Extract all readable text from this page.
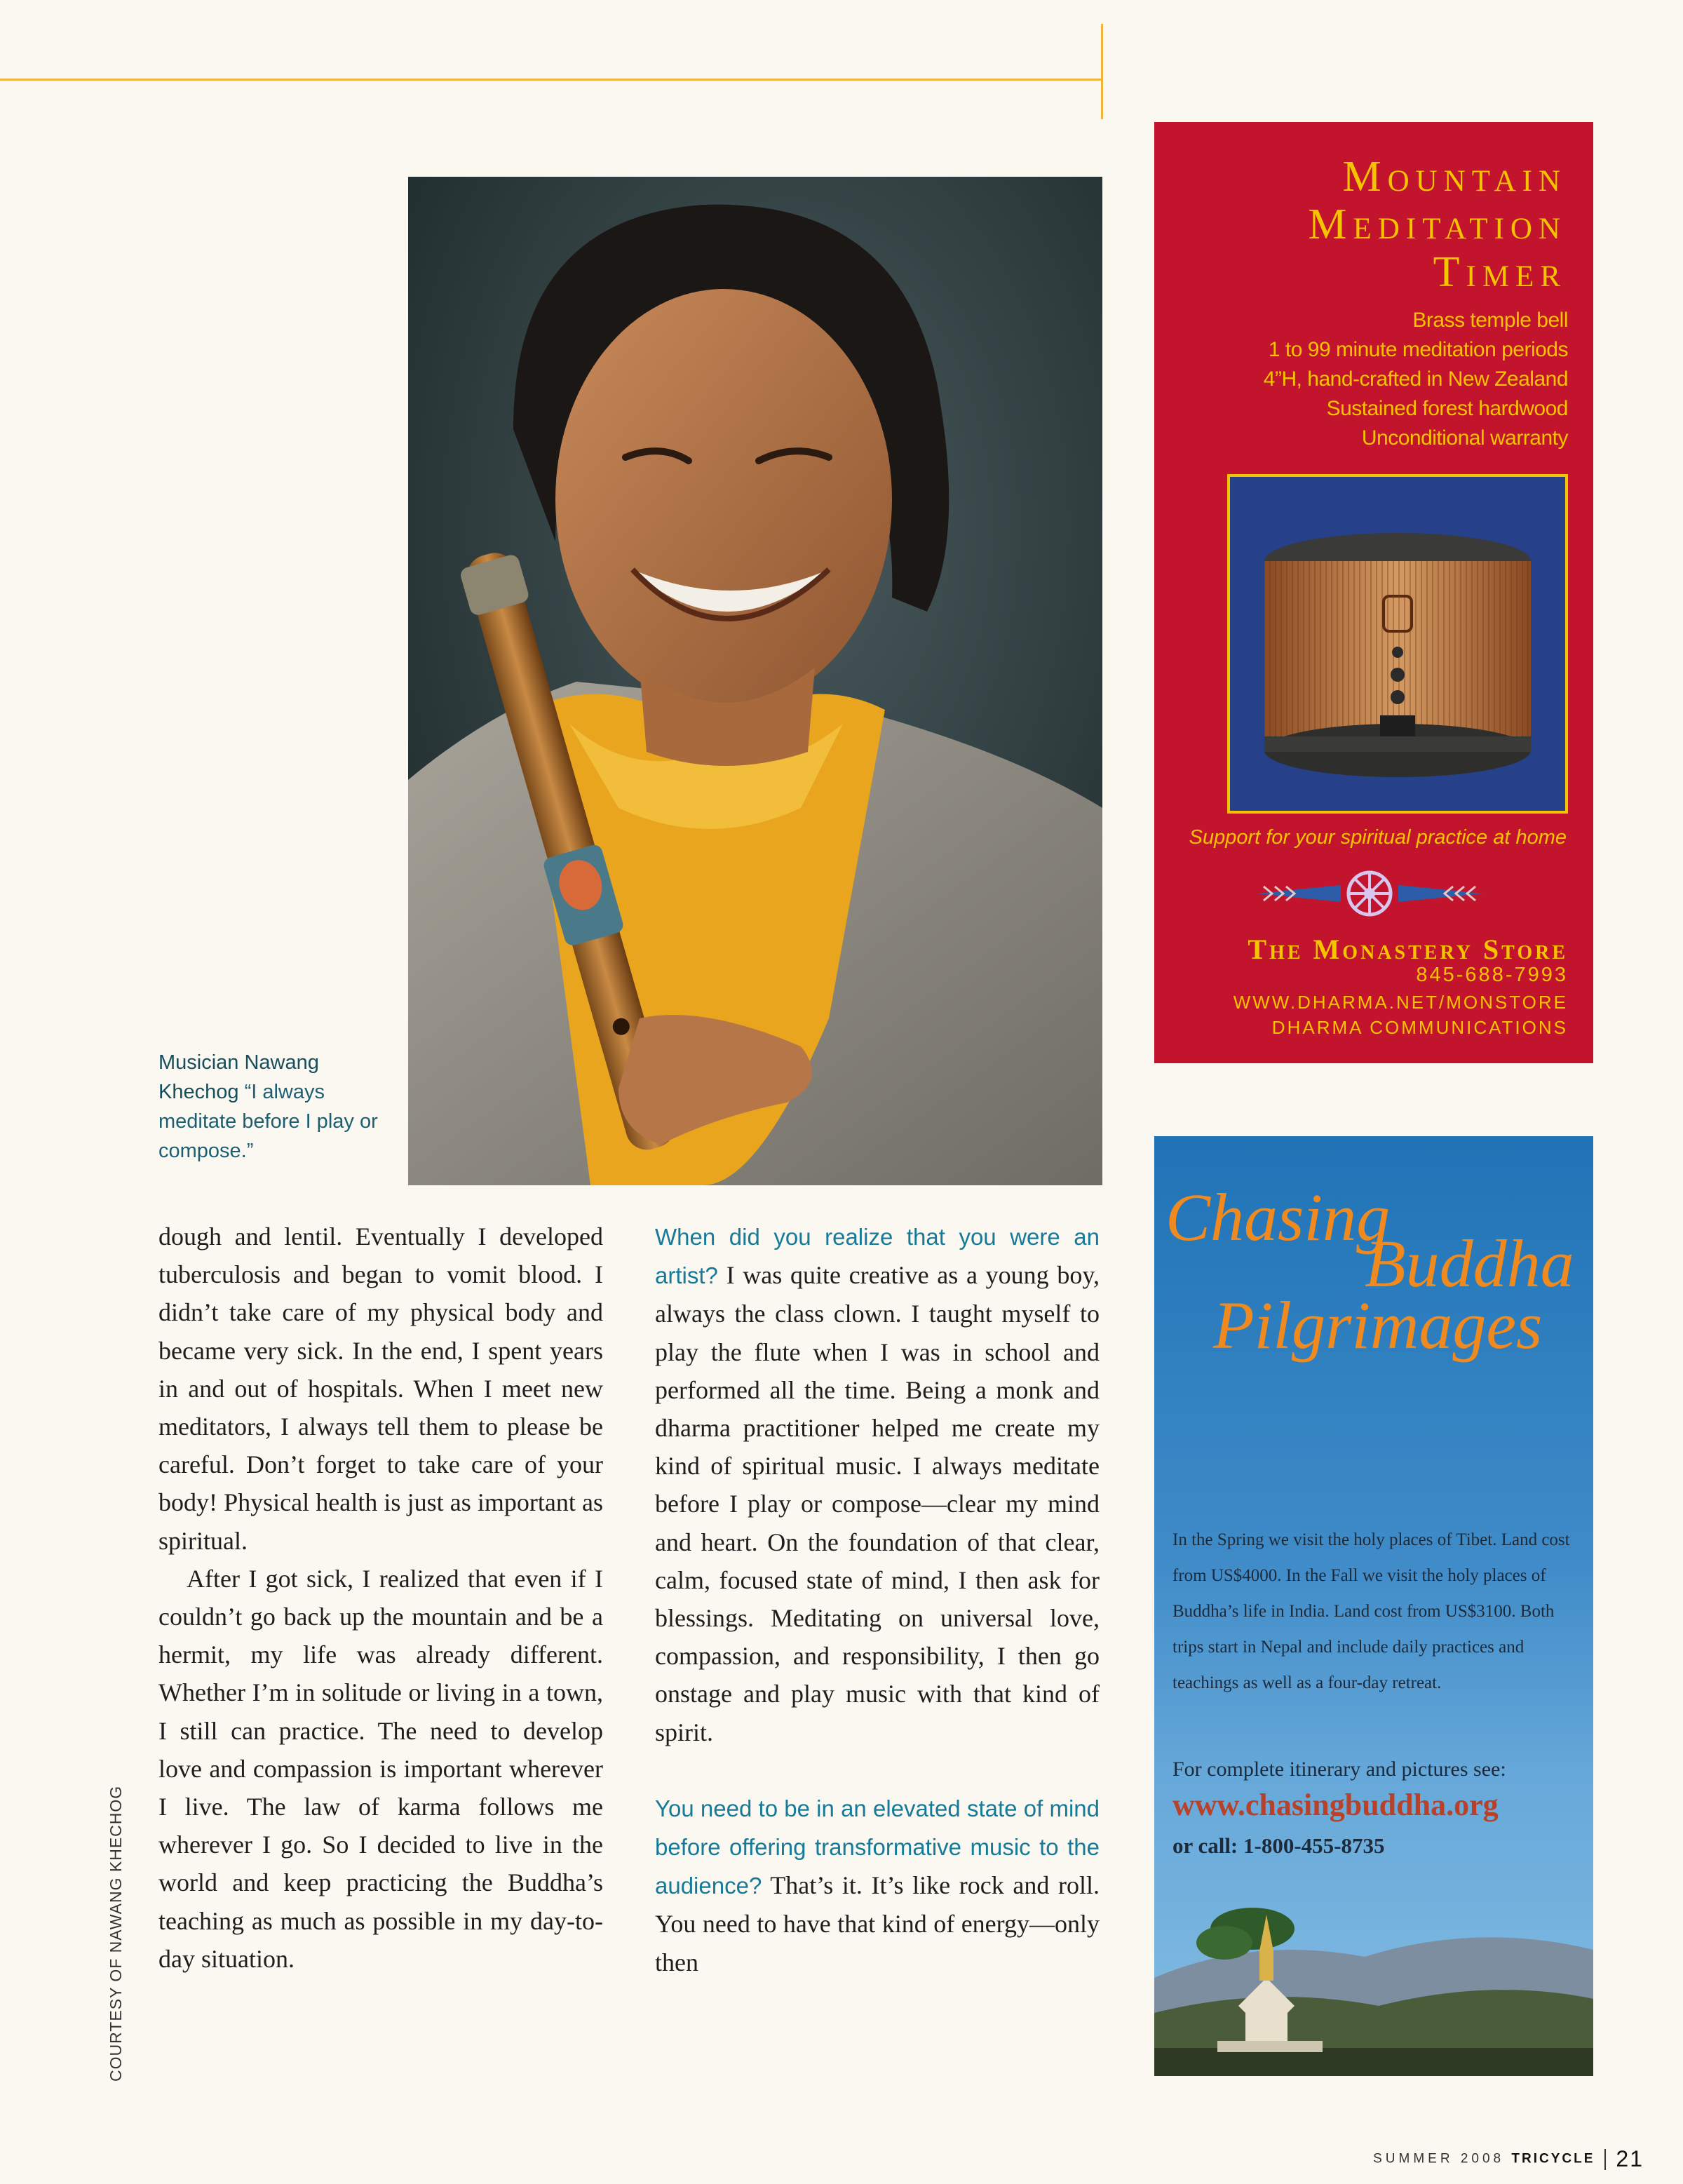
Musician Nawang Khechog “I always meditate before I play or compose.”

dough and lentil. Eventually I developed tuberculosis and began to vomit blood. I didn’t take care of my physical body and became very sick. In the end, I spent years in and out of hospitals. When I meet new meditators, I always tell them to please be careful. Don’t forget to take care of your body! Physical health is just as important as spiritual.

After I got sick, I realized that even if I couldn’t go back up the mountain and be a hermit, my life was already different. Whether I’m in solitude or living in a town, I still can practice. The need to develop love and compassion is important wherever I live. The law of karma follows me wherever I go. So I decided to live in the world and keep practicing the Buddha’s teaching as much as possible in my day-to-day situation.

When did you realize that you were an artist? I was quite creative as a young boy, always the class clown. I taught myself to play the flute when I was in school and performed all the time. Being a monk and dharma practitioner helped me create my kind of spiritual music. I always meditate before I play or compose—clear my mind and heart. On the foundation of that clear, calm, focused state of mind, I then ask for blessings. Meditating on universal love, compassion, and responsibility, I then go onstage and play music with that kind of spirit.

You need to be in an elevated state of mind before offering transformative music to the audience? That’s it. It’s like rock and roll. You need to have that kind of energy—only then

COURTESY OF NAWANG KHECHOG
Mountain
Meditation
Timer
Brass temple bell
1 to 99 minute meditation periods
4”H, hand-crafted in New Zealand
Sustained forest hardwood
Unconditional warranty
Support for your spiritual practice at home
The Monastery Store
845-688-7993
WWW.DHARMA.NET/MONSTORE
DHARMA COMMUNICATIONS
Chasing
Buddha
Pilgrimages
In the Spring we visit the holy places of Tibet. Land cost from US$4000. In the Fall we visit the holy places of Buddha’s life in India. Land cost from US$3100. Both trips start in Nepal and include daily practices and teachings as well as a four-day retreat.
For complete itinerary and pictures see:
www.chasingbuddha.org
or call: 1-800-455-8735
SUMMER 2008 TRICYCLE 21
